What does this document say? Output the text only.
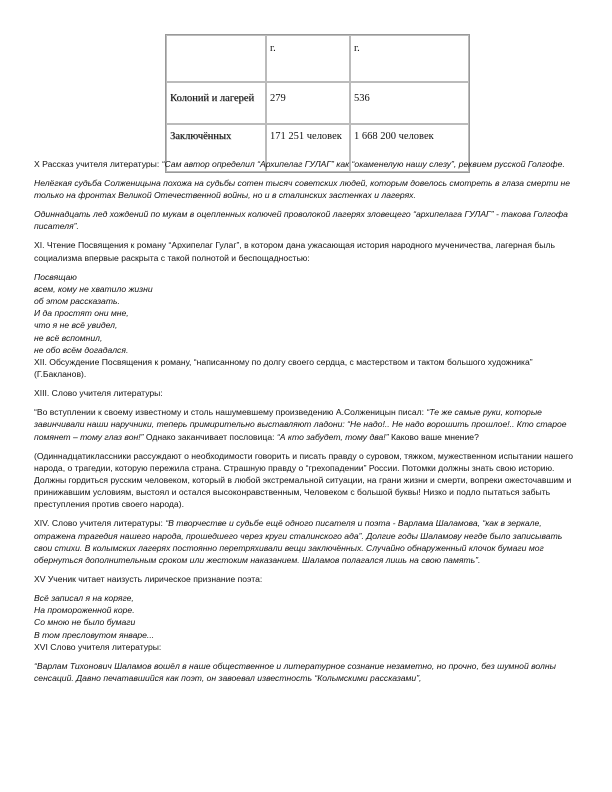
	г.	г.
Колоний и лагерей	279	536
Заключённых	171 251 человек	1 668 200 человек

X Рассказ учителя литературы: “Сам автор определил “Архипелаг ГУЛАГ” как “окаменелую нашу слезу”, реквием русской Голгофе.

Нелёгкая судьба Солженицына похожа на судьбы сотен тысяч советских людей, которым довелось смотреть в глаза смерти не только на фронтах Великой Отечественной войны, но и в сталинских застенках и лагерях.

Одиннадцать лед хождений по мукам в оцепленных колючей проволокой лагерях зловещего “архипелага ГУЛАГ” - такова Голгофа писателя”.

XI. Чтение Посвящения к роману “Архипелаг Гулаг”, в котором дана ужасающая история народного мученичества, лагерная быль социализма впервые раскрыта с такой полнотой и беспощадностью:

Посвящаю
всем, кому не хватило жизни
об этом рассказать.
И да простят они мне,
что я не всё увидел,
не всё вспомнил,
не обо всём догадался.

XII. Обсуждение Посвящения к роману, “написанному по долгу своего сердца, с мастерством и тактом большого художника” (Г.Бакланов).

XIII. Слово учителя литературы:

“Во вступлении к своему известному и столь нашумевшему произведению А.Солженицын писал: “Те же самые руки, которые завинчивали наши наручники, теперь примирительно выставляют ладони: “Не надо!.. Не надо ворошить прошлое!.. Кто старое помянет – тому глаз вон!” Однако заканчивает пословица: “А кто забудет, тому два!” Каково ваше мнение?

(Одиннадцатиклассники рассуждают о необходимости говорить и писать правду о суровом, тяжком, мужественном испытании нашего народа, о трагедии, которую пережила страна. Страшную правду о “грехопадении” России. Потомки должны знать свою историю. Должны гордиться русским человеком, который в любой экстремальной ситуации, на грани жизни и смерти, вопреки ожесточавшим и принижавшим условиям, выстоял и остался высоконравственным, Человеком с большой буквы! Низко и подло пытаться забыть преступления против своего народа).

XIV. Слово учителя литературы: “В творчестве и судьбе ещё одного писателя и поэта - Варлама Шаламова, “как в зеркале, отражена трагедия нашего народа, прошедшего через круги сталинского ада”. Долгие годы Шаламову негде было записывать свои стихи. В колымских лагерях постоянно перетряхивали вещи заключённых. Случайно обнаруженный клочок бумаги мог обернуться дополнительным сроком или жестоким наказанием. Шаламов полагался лишь на свою память”.

XV Ученик читает наизусть лирическое признание поэта:

Всё записал я на коряге,
На промороженной коре.
Со мною не было бумаги
В том пресловутом январе...

XVI Слово учителя литературы:

“Варлам Тихонович Шаламов вошёл в наше общественное и литературное сознание незаметно, но прочно, без шумной волны сенсаций. Давно печатавшийся как поэт, он завоевал известность “Колымскими рассказами”,
